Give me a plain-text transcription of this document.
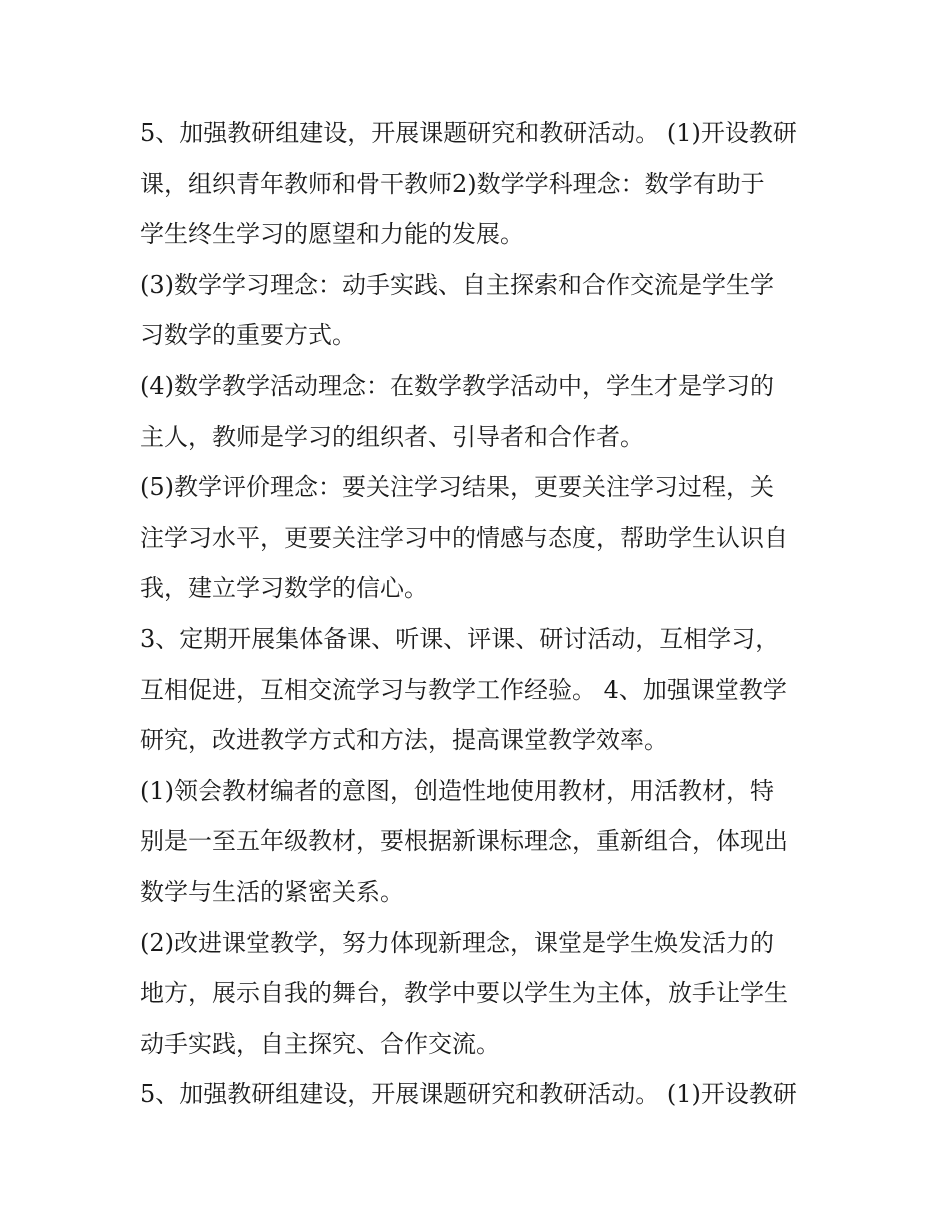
5、加强教研组建设，开展课题研究和教研活动。 (1)开设教研
课，组织青年教师和骨干教师2)数学学科理念：数学有助于
学生终生学习的愿望和力能的发展。
(3)数学学习理念：动手实践、自主探索和合作交流是学生学
习数学的重要方式。
(4)数学教学活动理念：在数学教学活动中，学生才是学习的
主人，教师是学习的组织者、引导者和合作者。
(5)教学评价理念：要关注学习结果，更要关注学习过程，关
注学习水平，更要关注学习中的情感与态度，帮助学生认识自
我，建立学习数学的信心。
3、定期开展集体备课、听课、评课、研讨活动，互相学习，
互相促进，互相交流学习与教学工作经验。 4、加强课堂教学
研究，改进教学方式和方法，提高课堂教学效率。
(1)领会教材编者的意图，创造性地使用教材，用活教材，特
别是一至五年级教材，要根据新课标理念，重新组合，体现出
数学与生活的紧密关系。
(2)改进课堂教学，努力体现新理念，课堂是学生焕发活力的
地方，展示自我的舞台，教学中要以学生为主体，放手让学生
动手实践，自主探究、合作交流。
5、加强教研组建设，开展课题研究和教研活动。 (1)开设教研
